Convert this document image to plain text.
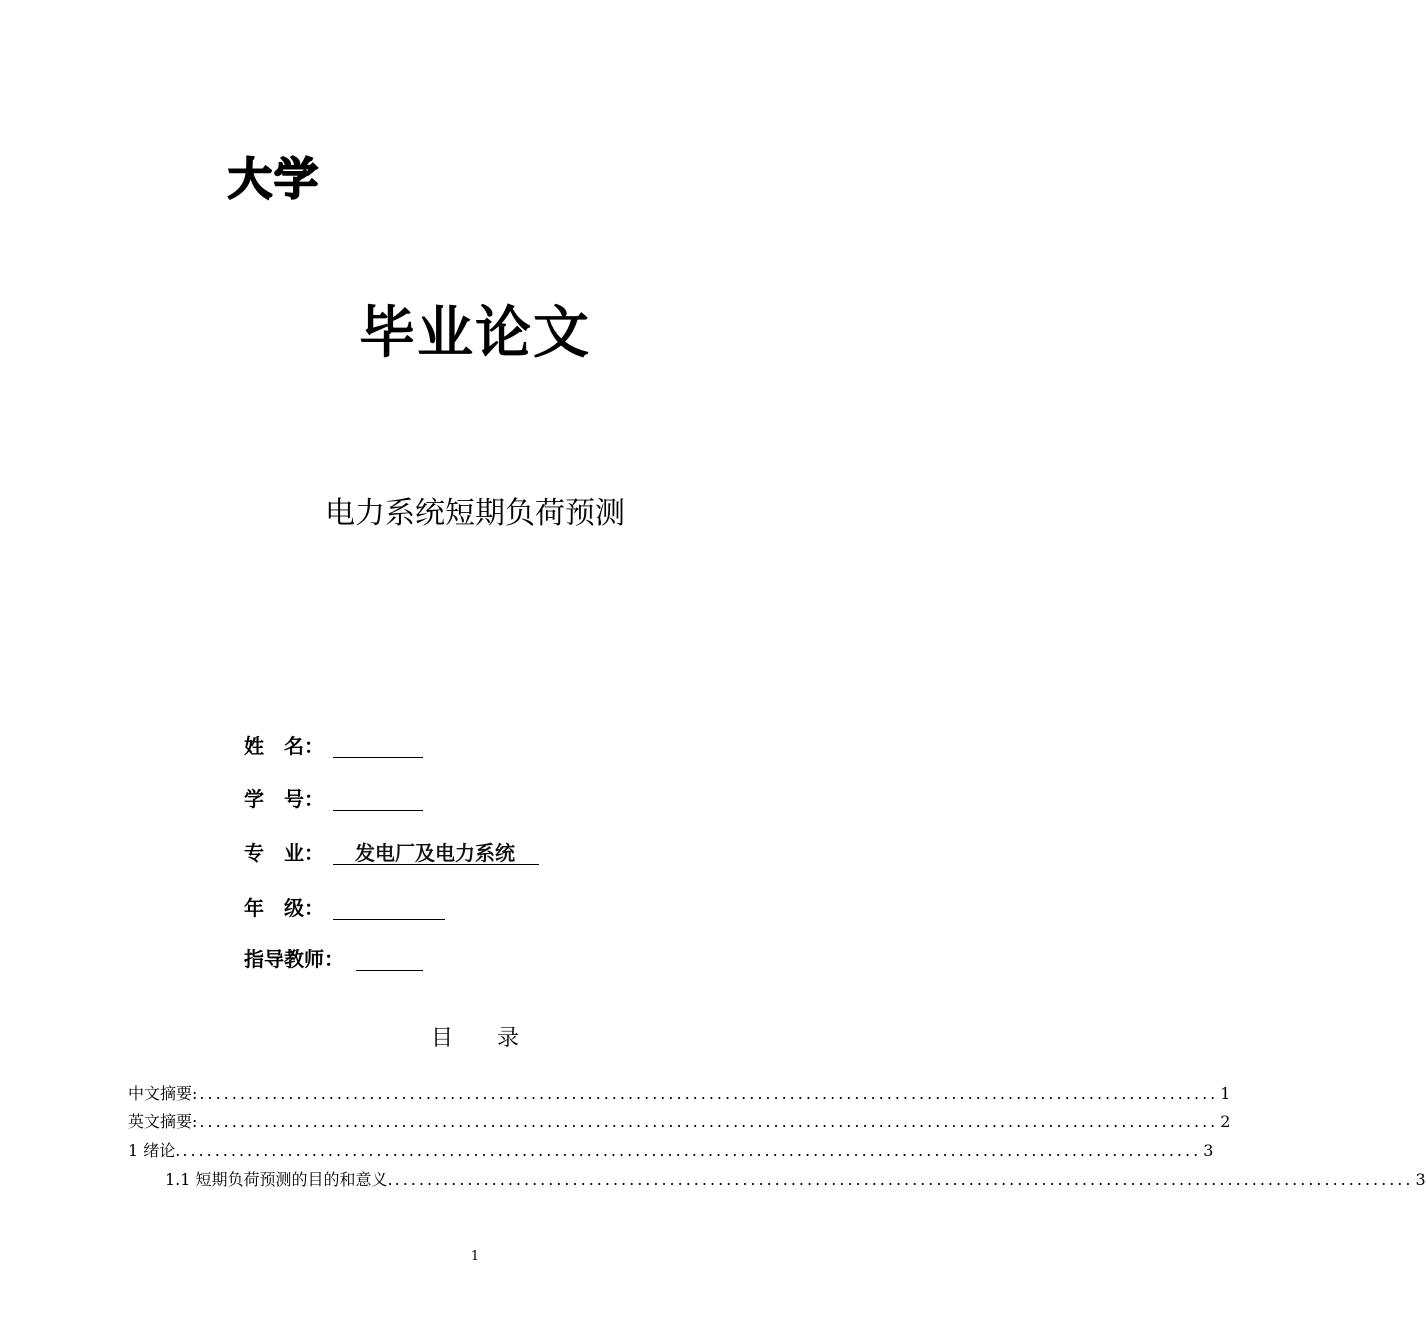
大学
毕业论文
电力系统短期负荷预测
姓　名：
学　号：
专　业： 发电厂及电力系统
年　级：
指导教师：
目　　录
中文摘要: .............................................................................................................................. 1
英文摘要: .............................................................................................................................. 2
1 绪论. .............................................................................................................................. 3
1.1 短期负荷预测的目的和意义. .............................................................................................................................. 3
1
